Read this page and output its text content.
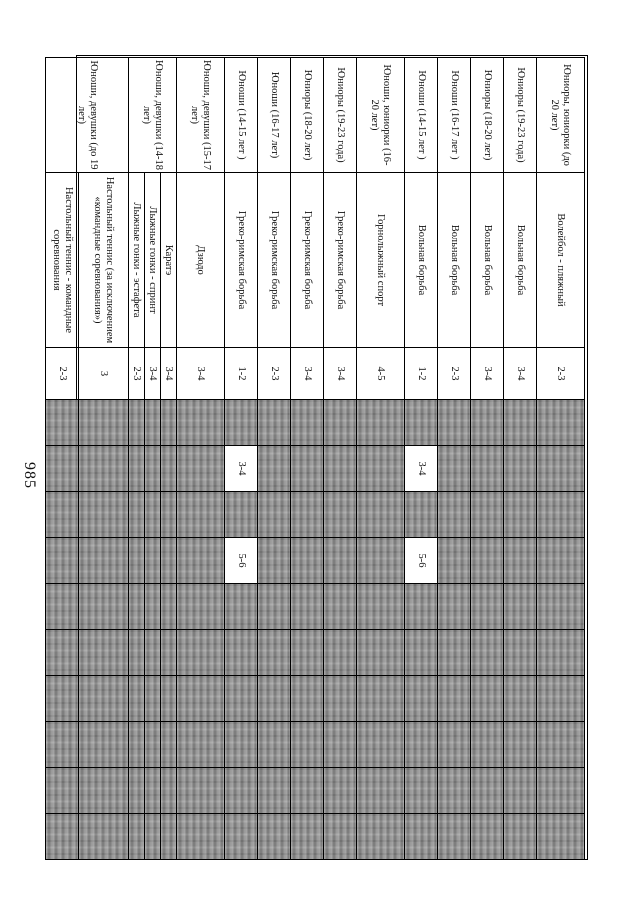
985
Юниоры, юниорки (до 20 лет)	Волейбол - пляжный	2-3										
Юниоры (19-23 года)	Вольная борьба	3-4										
Юниоры (18-20 лет)	Вольная борьба	3-4										
Юноши (16-17 лет )	Вольная борьба	2-3										
Юноши (14-15 лет )	Вольная борьба	1-2		3-4		5-6						
Юноши, юниорки (16-20 лет)	Горнолыжный спорт	4-5										
Юниоры (19-23 года)	Греко-римская борьба	3-4										
Юниоры (18-20 лет)	Греко-римская борьба	3-4										
Юноши (16-17 лет)	Греко-римская борьба	2-3										
Юноши (14-15 лет )	Греко-римская борьба	1-2		3-4		5-6						
Юноши, девушки (15-17 лет)	Дзюдо	3-4										
Юноши, девушки (14-18 лет)	Каратэ	3-4										
	Лыжные гонки - спринт	3-4										
	Лыжные гонки - эстафета	2-3										
Юноши, девушки (до 19 лет)	Настольный теннис (за исключением «командные соревнования»)	3										
	Настольный теннис - командные соревнования	2-3										
